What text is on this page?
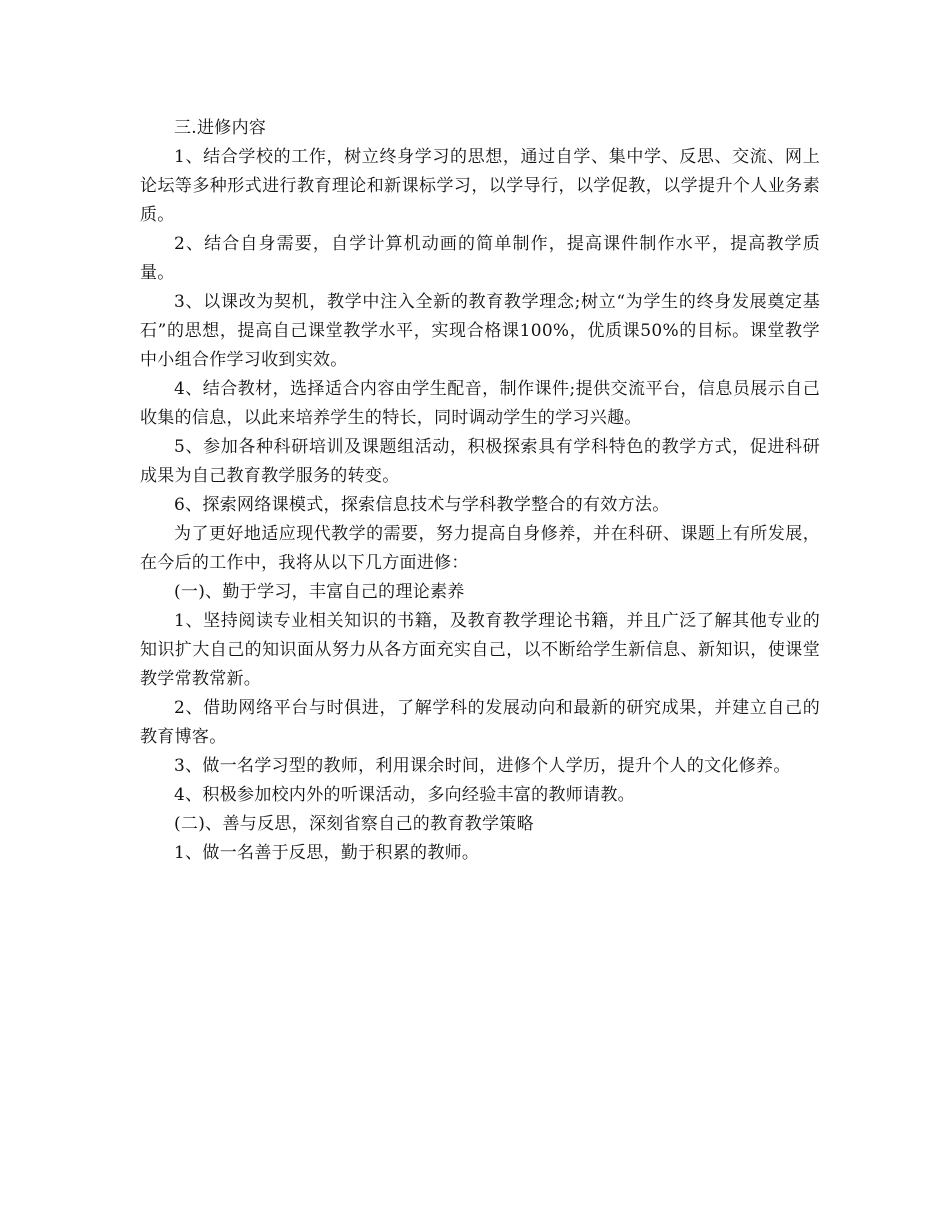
三.进修内容

1、结合学校的工作，树立终身学习的思想，通过自学、集中学、反思、交流、网上论坛等多种形式进行教育理论和新课标学习，以学导行，以学促教，以学提升个人业务素质。

2、结合自身需要，自学计算机动画的简单制作，提高课件制作水平，提高教学质量。

3、以课改为契机，教学中注入全新的教育教学理念;树立“为学生的终身发展奠定基石”的思想，提高自己课堂教学水平，实现合格课100%，优质课50%的目标。课堂教学中小组合作学习收到实效。

4、结合教材，选择适合内容由学生配音，制作课件;提供交流平台，信息员展示自己收集的信息，以此来培养学生的特长，同时调动学生的学习兴趣。

5、参加各种科研培训及课题组活动，积极探索具有学科特色的教学方式，促进科研成果为自己教育教学服务的转变。

6、探索网络课模式，探索信息技术与学科教学整合的有效方法。

为了更好地适应现代教学的需要，努力提高自身修养，并在科研、课题上有所发展，在今后的工作中，我将从以下几方面进修：

(一)、勤于学习，丰富自己的理论素养

1、坚持阅读专业相关知识的书籍，及教育教学理论书籍，并且广泛了解其他专业的知识扩大自己的知识面从努力从各方面充实自己，以不断给学生新信息、新知识，使课堂教学常教常新。

2、借助网络平台与时俱进，了解学科的发展动向和最新的研究成果，并建立自己的教育博客。

3、做一名学习型的教师，利用课余时间，进修个人学历，提升个人的文化修养。

4、积极参加校内外的听课活动，多向经验丰富的教师请教。

(二)、善与反思，深刻省察自己的教育教学策略

1、做一名善于反思，勤于积累的教师。
